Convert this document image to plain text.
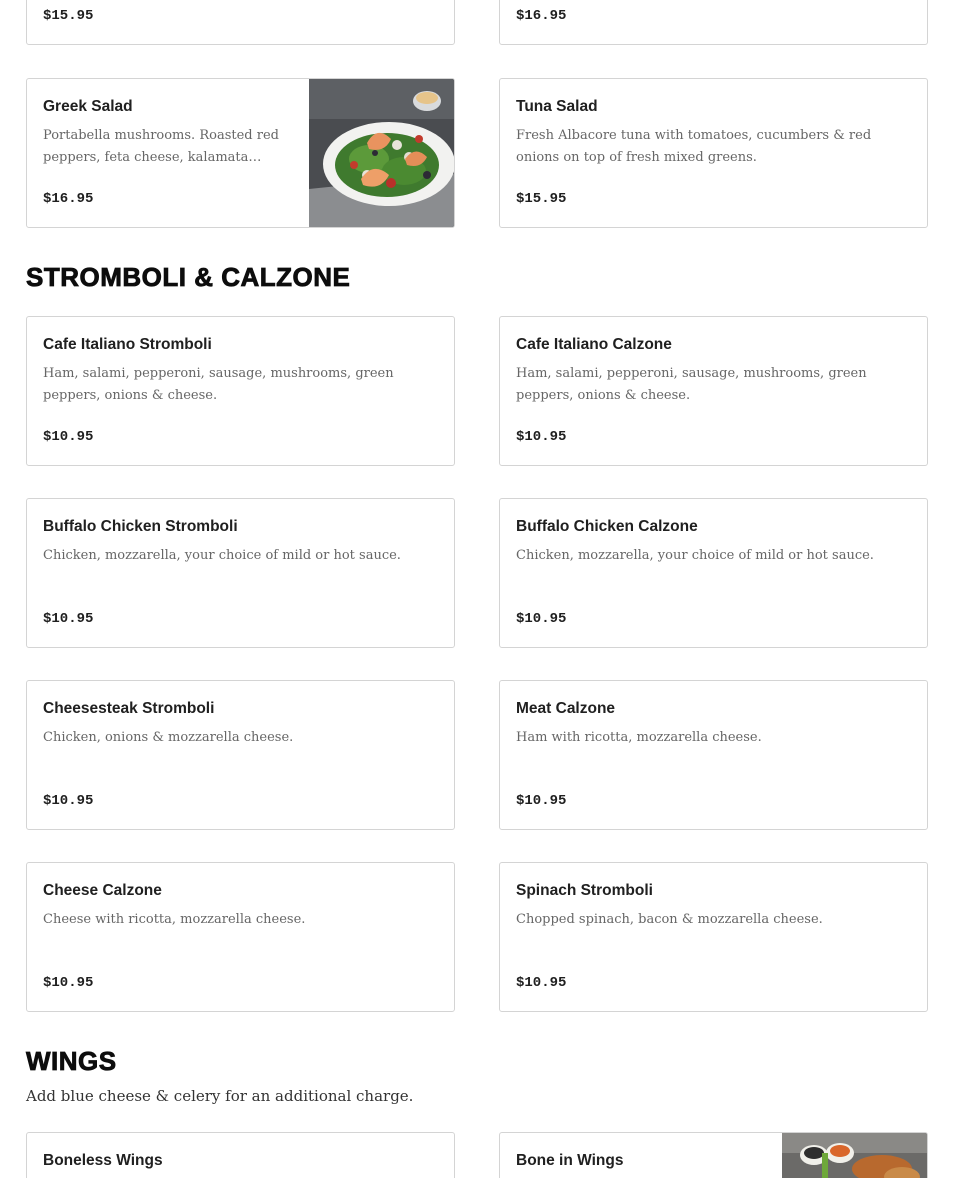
$15.95	$16.95
Greek Salad
Portabella mushrooms. Roasted red peppers, feta cheese, kalamata
$16.95
Tuna Salad
Fresh Albacore tuna with tomatoes, cucumbers & red onions on top of fresh mixed greens.
$15.95
STROMBOLI & CALZONE
Cafe Italiano Stromboli
Ham, salami, pepperoni, sausage, mushrooms, green peppers, onions & cheese.
$10.95
Cafe Italiano Calzone
Ham, salami, pepperoni, sausage, mushrooms, green peppers, onions & cheese.
$10.95
Buffalo Chicken Stromboli
Chicken, mozzarella, your choice of mild or hot sauce.
$10.95
Buffalo Chicken Calzone
Chicken, mozzarella, your choice of mild or hot sauce.
$10.95
Cheesesteak Stromboli
Chicken, onions & mozzarella cheese.
$10.95
Meat Calzone
Ham with ricotta, mozzarella cheese.
$10.95
Cheese Calzone
Cheese with ricotta, mozzarella cheese.
$10.95
Spinach Stromboli
Chopped spinach, bacon & mozzarella cheese.
$10.95
WINGS
Add blue cheese & celery for an additional charge.
Boneless Wings	Bone in Wings
